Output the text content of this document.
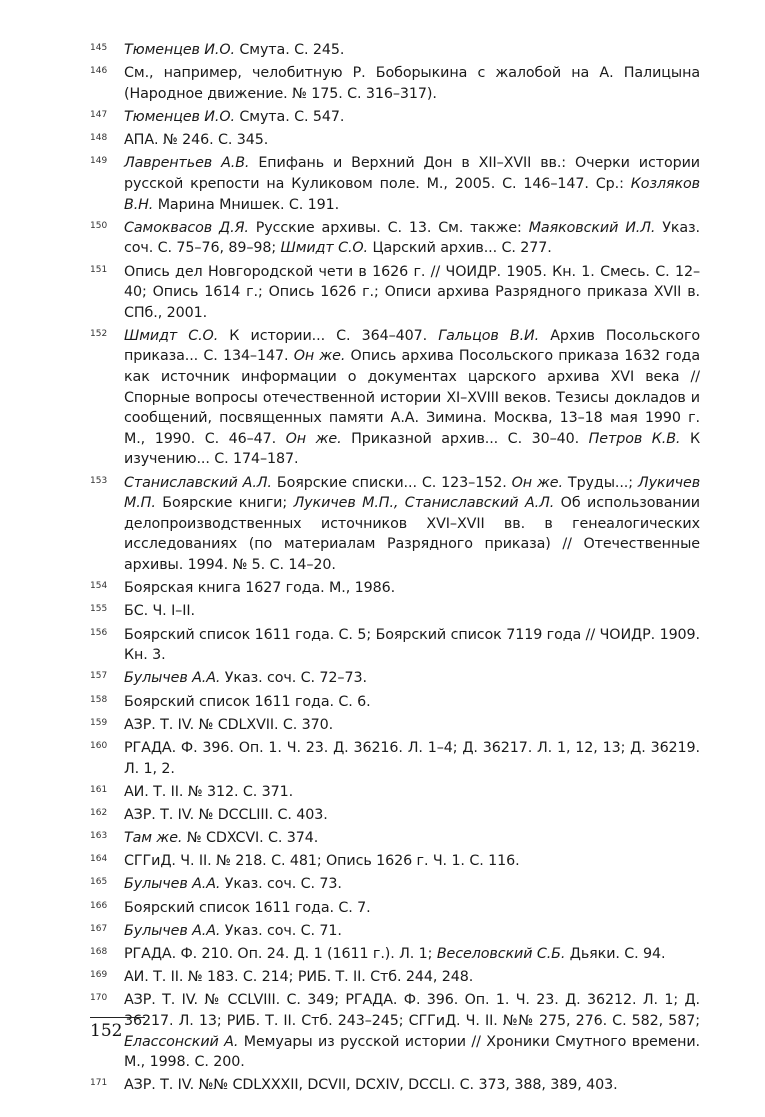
145	Тюменцев И.О. Смута. С. 245.
146	См., например, челобитную Р. Боборыкина с жалобой на А. Палицына (Народное движение. № 175. С. 316–317).
147	Тюменцев И.О. Смута. С. 547.
148	АПА. № 246. С. 345.
149	Лаврентьев А.В. Епифань и Верхний Дон в XII–XVII вв.: Очерки истории русской крепости на Куликовом поле. М., 2005. С. 146–147. Ср.: Козляков В.Н. Марина Мнишек. С. 191.
150	Самоквасов Д.Я. Русские архивы. С. 13. См. также: Маяковский И.Л. Указ. соч. С. 75–76, 89–98; Шмидт С.О. Царский архив... С. 277.
151	Опись дел Новгородской чети в 1626 г. // ЧОИДР. 1905. Кн. 1. Смесь. С. 12–40; Опись 1614 г.; Опись 1626 г.; Описи архива Разрядного приказа XVII в. СПб., 2001.
152	Шмидт С.О. К истории... С. 364–407. Гальцов В.И. Архив Посольского приказа... С. 134–147. Он же. Опись архива Посольского приказа 1632 года как источник информации о документах царского архива XVI века // Спорные вопросы отечественной истории XI–XVIII веков. Тезисы докладов и сообщений, посвященных памяти А.А. Зимина. Москва, 13–18 мая 1990 г. М., 1990. С. 46–47. Он же. Приказной архив... С. 30–40. Петров К.В. К изучению... С. 174–187.
153	Станиславский А.Л. Боярские списки... С. 123–152. Он же. Труды...; Лукичев М.П. Боярские книги; Лукичев М.П., Станиславский А.Л. Об использовании делопроизводственных источников XVI–XVII вв. в генеалогических исследованиях (по материалам Разрядного приказа) // Отечественные архивы. 1994. № 5. С. 14–20.
154	Боярская книга 1627 года. М., 1986.
155	БС. Ч. I–II.
156	Боярский список 1611 года. С. 5; Боярский список 7119 года // ЧОИДР. 1909. Кн. 3.
157	Булычев А.А. Указ. соч. С. 72–73.
158	Боярский список 1611 года. С. 6.
159	АЗР. Т. IV. № CDLXVII. С. 370.
160	РГАДА. Ф. 396. Оп. 1. Ч. 23. Д. 36216. Л. 1–4; Д. 36217. Л. 1, 12, 13; Д. 36219. Л. 1, 2.
161	АИ. Т. II. № 312. С. 371.
162	АЗР. Т. IV. № DCCLIII. С. 403.
163	Там же. № CDXCVI. С. 374.
164	СГГиД. Ч. II. № 218. С. 481; Опись 1626 г. Ч. 1. С. 116.
165	Булычев А.А. Указ. соч. С. 73.
166	Боярский список 1611 года. С. 7.
167	Булычев А.А. Указ. соч. С. 71.
168	РГАДА. Ф. 210. Оп. 24. Д. 1 (1611 г.). Л. 1; Веселовский С.Б. Дьяки. С. 94.
169	АИ. Т. II. № 183. С. 214; РИБ. Т. II. Стб. 244, 248.
170	АЗР. Т. IV. № CCLVIII. С. 349; РГАДА. Ф. 396. Оп. 1. Ч. 23. Д. 36212. Л. 1; Д. 36217. Л. 13; РИБ. Т. II. Стб. 243–245; СГГиД. Ч. II. №№ 275, 276. С. 582, 587; Елассонский А. Мемуары из русской истории // Хроники Смутного времени. М., 1998. С. 200.
171	АЗР. Т. IV. №№ CDLXXXII, DCVII, DCXIV, DCCLI. С. 373, 388, 389, 403.
152
